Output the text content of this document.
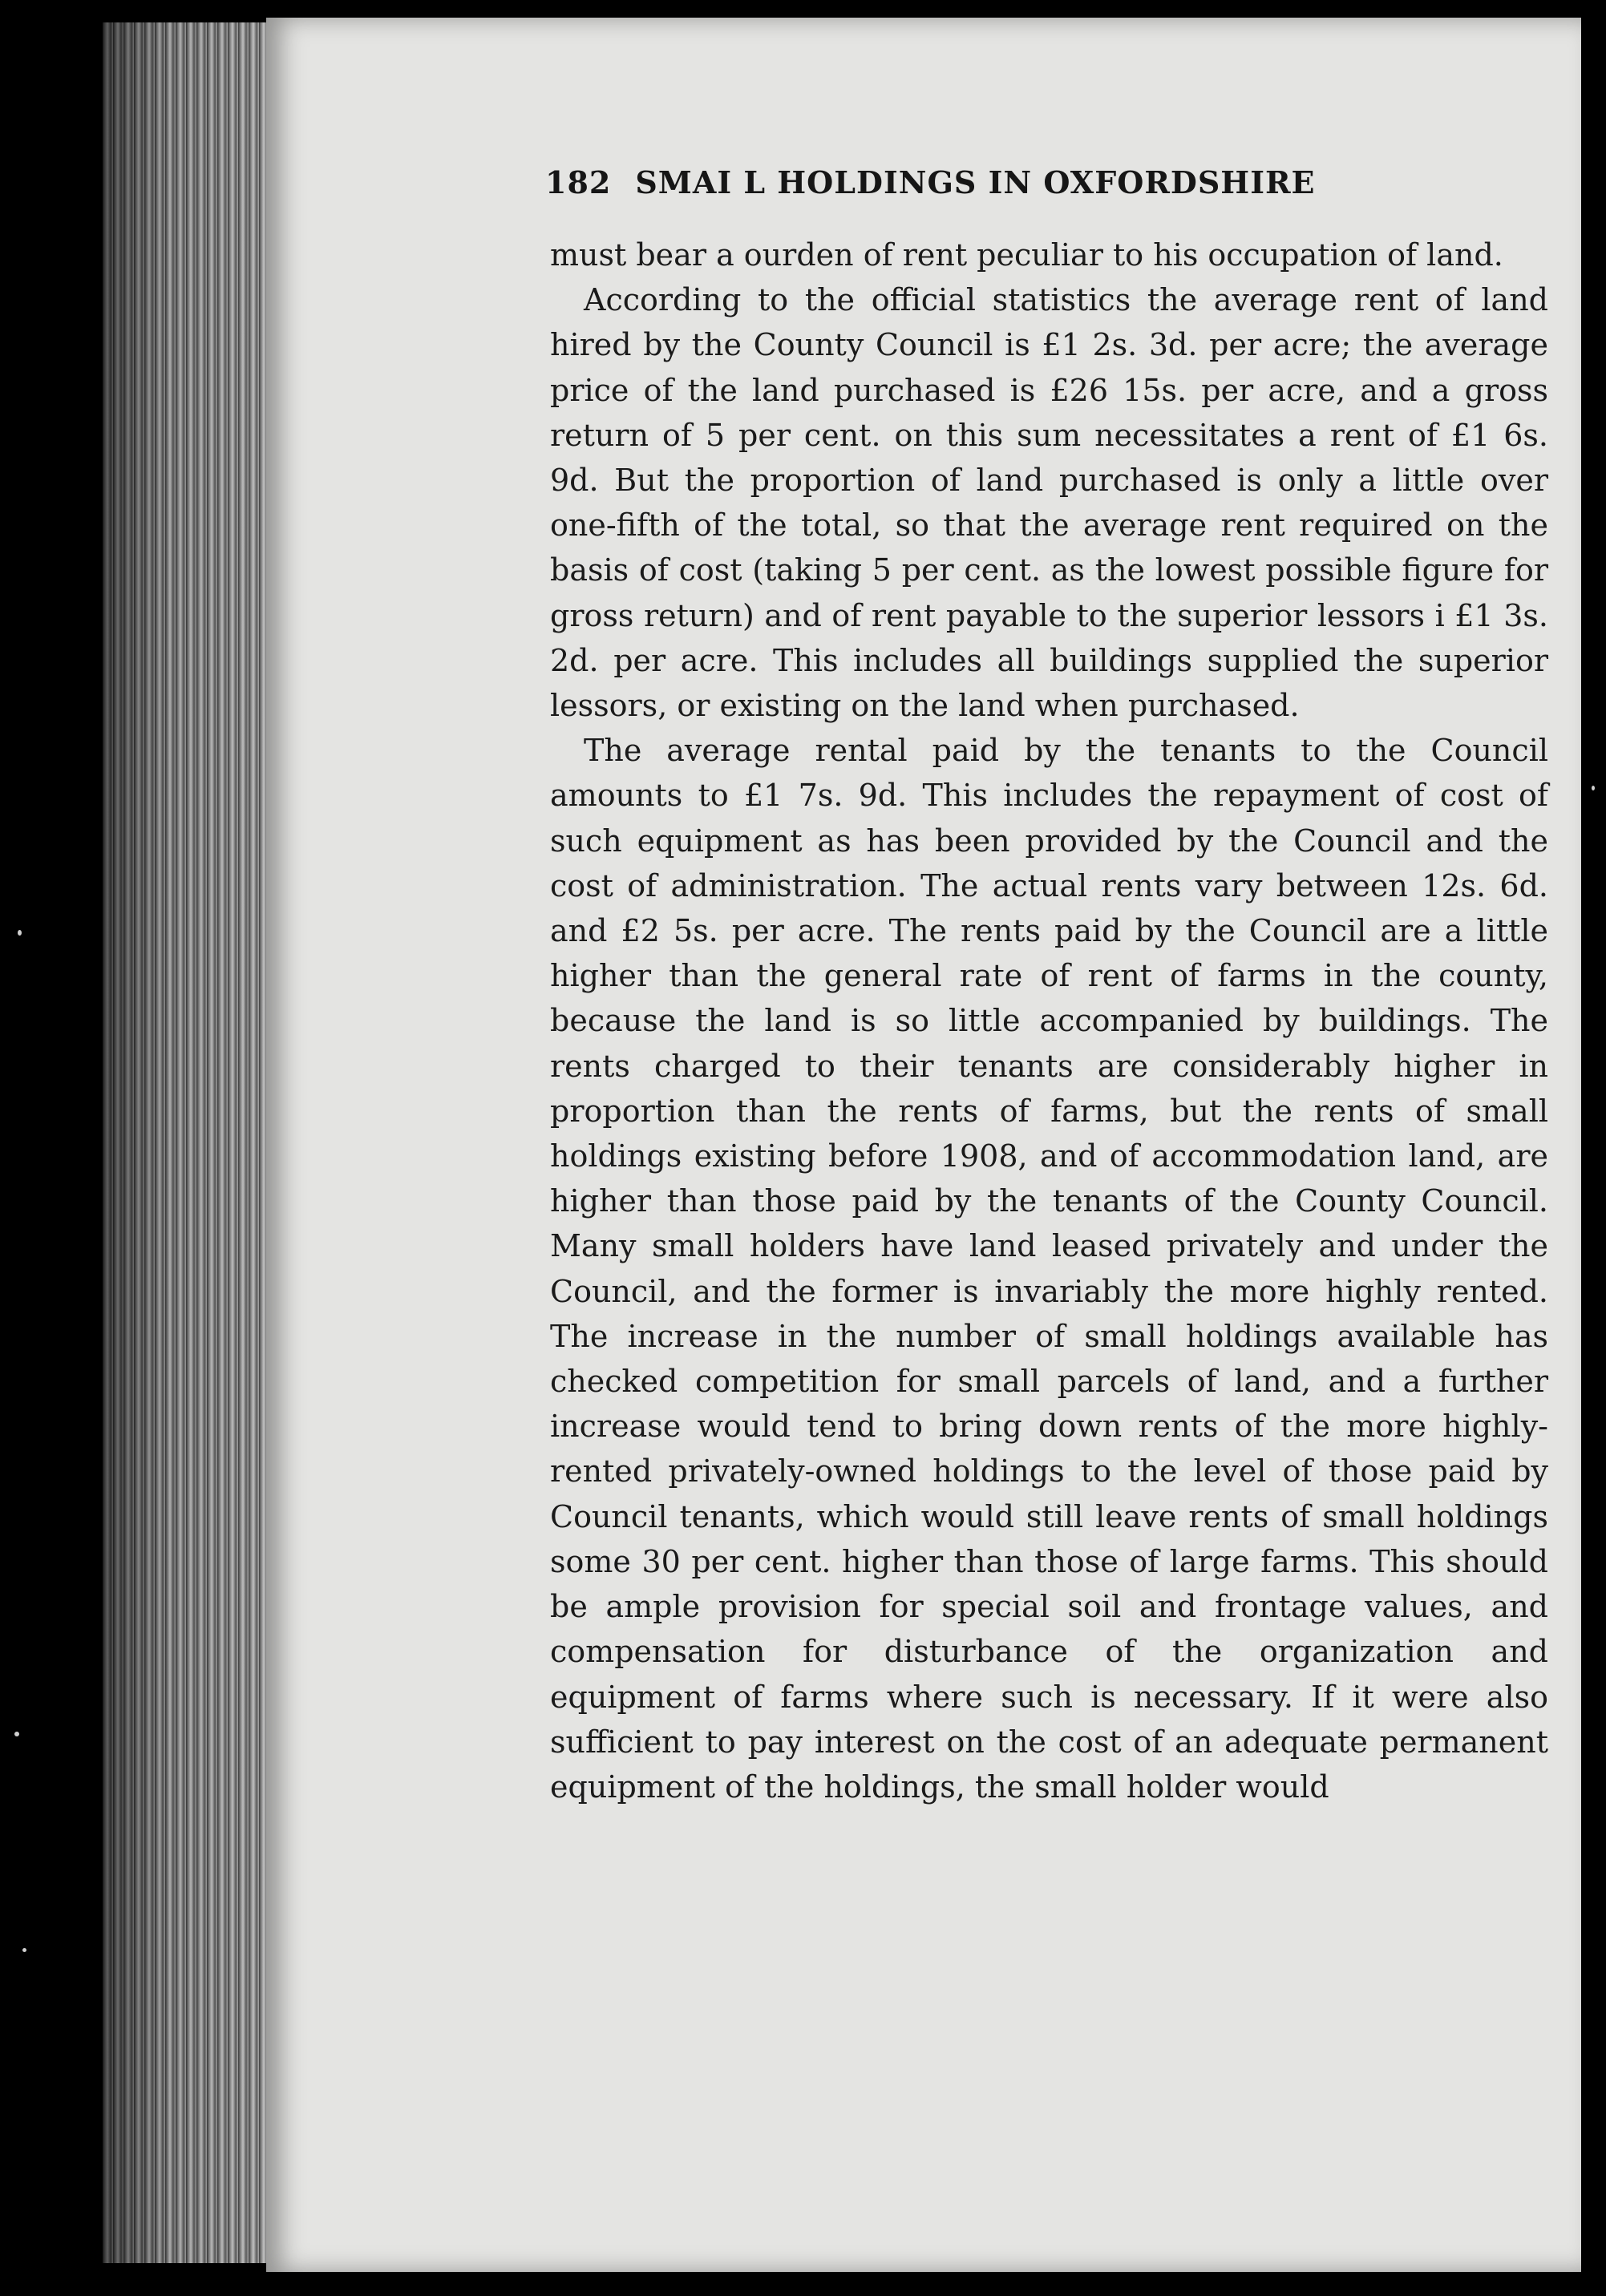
182 SMAI L HOLDINGS IN OXFORDSHIRE

must bear a ourden of rent peculiar to his occupation of land.

According to the official statistics the average rent of land hired by the County Council is £1 2s. 3d. per acre; the average price of the land purchased is £26 15s. per acre, and a gross return of 5 per cent. on this sum necessitates a rent of £1 6s. 9d. But the proportion of land purchased is only a little over one-fifth of the total, so that the average rent required on the basis of cost (taking 5 per cent. as the lowest possible figure for gross return) and of rent payable to the superior lessors i £1 3s. 2d. per acre. This includes all buildings supplied the superior lessors, or existing on the land when purchased.

The average rental paid by the tenants to the Council amounts to £1 7s. 9d. This includes the repayment of cost of such equipment as has been provided by the Council and the cost of administration. The actual rents vary between 12s. 6d. and £2 5s. per acre. The rents paid by the Council are a little higher than the general rate of rent of farms in the county, because the land is so little accompanied by buildings. The rents charged to their tenants are considerably higher in proportion than the rents of farms, but the rents of small holdings existing before 1908, and of accommodation land, are higher than those paid by the tenants of the County Council. Many small holders have land leased privately and under the Council, and the former is invariably the more highly rented. The increase in the number of small holdings available has checked competition for small parcels of land, and a further increase would tend to bring down rents of the more highly-rented privately-owned holdings to the level of those paid by Council tenants, which would still leave rents of small holdings some 30 per cent. higher than those of large farms. This should be ample provision for special soil and frontage values, and compensation for disturbance of the organization and equipment of farms where such is necessary. If it were also sufficient to pay interest on the cost of an adequate permanent equipment of the holdings, the small holder would
